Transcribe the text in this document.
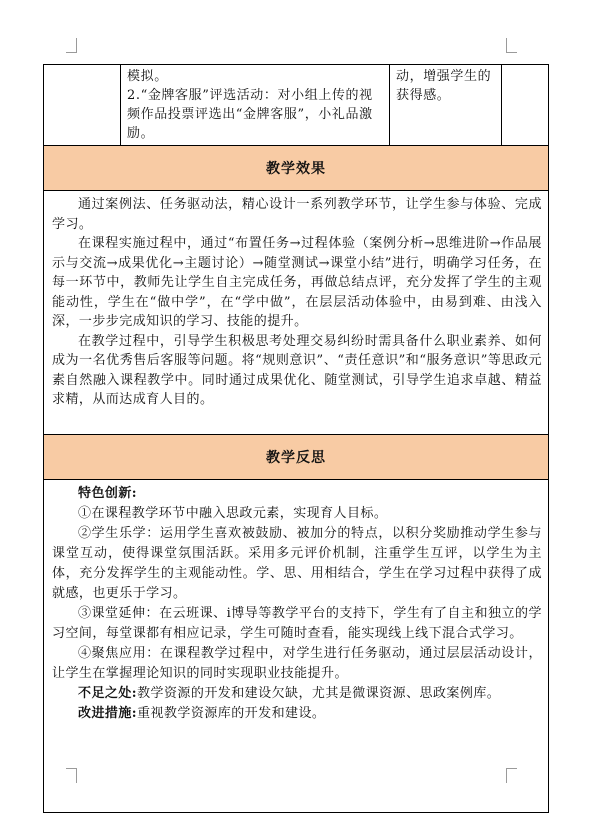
模拟。

2.“金牌客服”评选活动：对小组上传的视频作品投票评选出“金牌客服”，小礼品激励。

动，增强学生的获得感。

教学效果

通过案例法、任务驱动法，精心设计一系列教学环节，让学生参与体验、完成学习。

在课程实施过程中，通过“布置任务→过程体验（案例分析→思维进阶→作品展示与交流→成果优化→主题讨论）→随堂测试→课堂小结”进行，明确学习任务，在每一环节中，教师先让学生自主完成任务，再做总结点评，充分发挥了学生的主观能动性，学生在“做中学”，在“学中做”，在层层活动体验中，由易到难、由浅入深，一步步完成知识的学习、技能的提升。

在教学过程中，引导学生积极思考处理交易纠纷时需具备什么职业素养、如何成为一名优秀售后客服等问题。将“规则意识”、“责任意识”和“服务意识”等思政元素自然融入课程教学中。同时通过成果优化、随堂测试，引导学生追求卓越、精益求精，从而达成育人目的。

教学反思

特色创新:

①在课程教学环节中融入思政元素，实现育人目标。

②学生乐学：运用学生喜欢被鼓励、被加分的特点，以积分奖励推动学生参与课堂互动，使得课堂氛围活跃。采用多元评价机制，注重学生互评，以学生为主体，充分发挥学生的主观能动性。学、思、用相结合，学生在学习过程中获得了成就感，也更乐于学习。

③课堂延伸：在云班课、i博导等教学平台的支持下，学生有了自主和独立的学习空间，每堂课都有相应记录，学生可随时查看，能实现线上线下混合式学习。

④聚焦应用：在课程教学过程中，对学生进行任务驱动，通过层层活动设计，让学生在掌握理论知识的同时实现职业技能提升。

不足之处:教学资源的开发和建设欠缺，尤其是微课资源、思政案例库。

改进措施:重视教学资源库的开发和建设。
